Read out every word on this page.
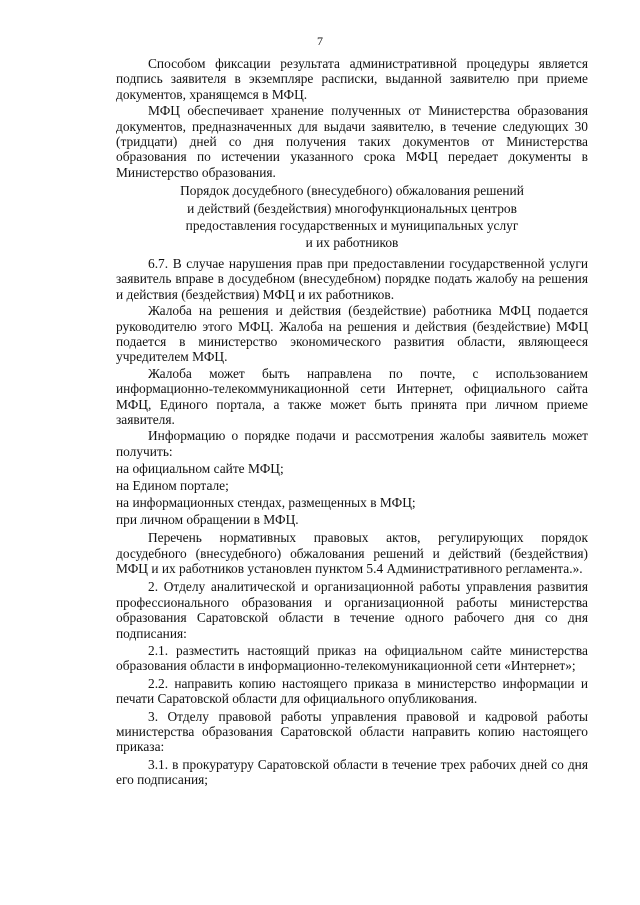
7

Способом фиксации результата административной процедуры является подпись заявителя в экземпляре расписки, выданной заявителю при приеме документов, хранящемся в МФЦ.

МФЦ обеспечивает хранение полученных от Министерства образования документов, предназначенных для выдачи заявителю, в течение следующих 30 (тридцати) дней со дня получения таких документов от Министерства образования по истечении указанного срока МФЦ передает документы в Министерство образования.

Порядок досудебного (внесудебного) обжалования решений

и действий (бездействия) многофункциональных центров

предоставления государственных и муниципальных услуг

и их работников

6.7. В случае нарушения прав при предоставлении государственной услуги заявитель вправе в досудебном (внесудебном) порядке подать жалобу на решения и действия (бездействия) МФЦ и их работников.

Жалоба на решения и действия (бездействие) работника МФЦ подается руководителю этого МФЦ. Жалоба на решения и действия (бездействие) МФЦ подается в министерство экономического развития области, являющееся учредителем МФЦ.

Жалоба может быть направлена по почте, с использованием информационно-телекоммуникационной сети Интернет, официального сайта МФЦ, Единого портала, а также может быть принята при личном приеме заявителя.

Информацию о порядке подачи и рассмотрения жалобы заявитель может получить:

на официальном сайте МФЦ;

на Едином портале;

на информационных стендах, размещенных в МФЦ;

при личном обращении в МФЦ.

Перечень нормативных правовых актов, регулирующих порядок досудебного (внесудебного) обжалования решений и действий (бездействия) МФЦ и их работников установлен пунктом 5.4 Административного регламента.».

2. Отделу аналитической и организационной работы управления развития профессионального образования и организационной работы министерства образования Саратовской области в течение одного рабочего дня со дня подписания:

2.1. разместить настоящий приказ на официальном сайте министерства образования области в информационно-телекомуникационной сети «Интернет»;

2.2. направить копию настоящего приказа в министерство информации и печати Саратовской области для официального опубликования.

3. Отделу правовой работы управления правовой и кадровой работы министерства образования Саратовской области направить копию настоящего приказа:

3.1. в прокуратуру Саратовской области в течение трех рабочих дней со дня его подписания;
